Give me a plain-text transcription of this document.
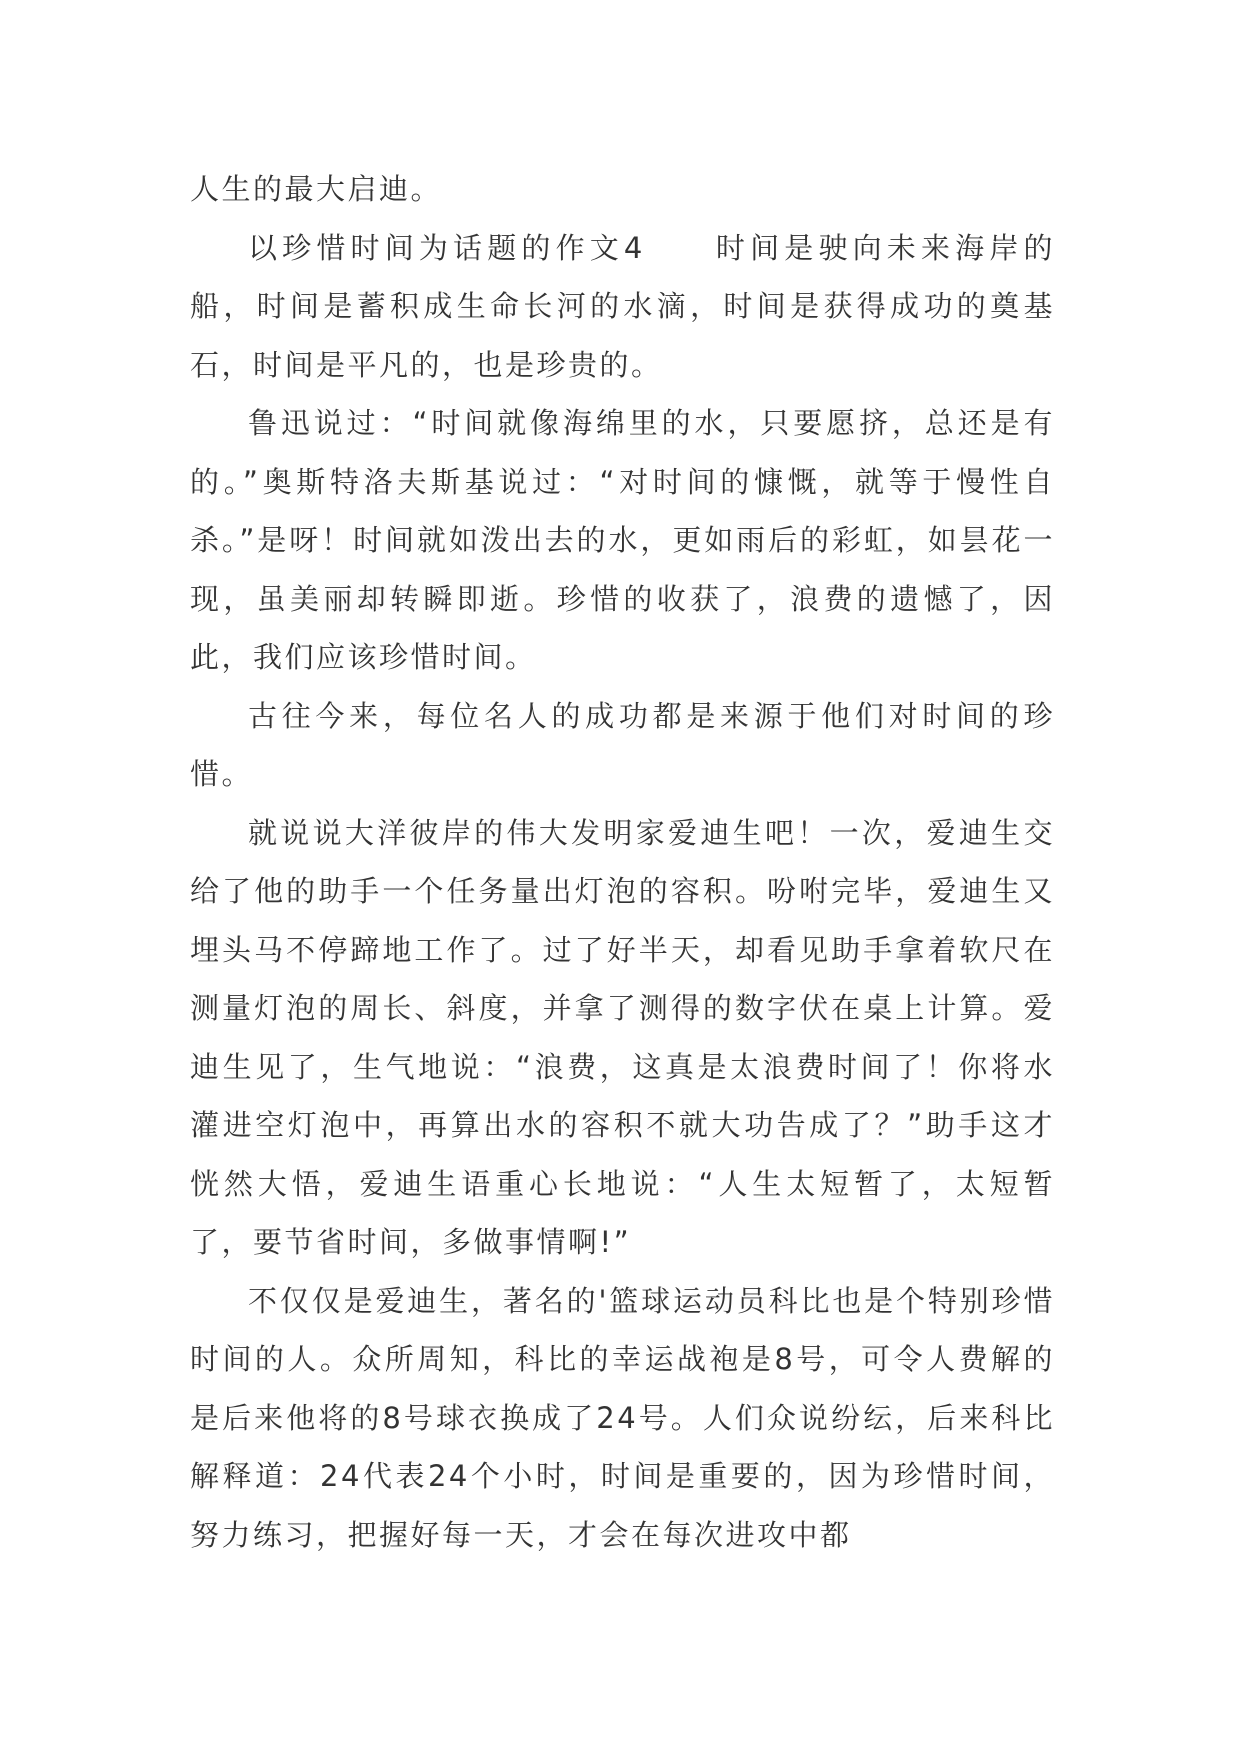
人生的最大启迪。

以珍惜时间为话题的作文4　　时间是驶向未来海岸的船，时间是蓄积成生命长河的水滴，时间是获得成功的奠基石，时间是平凡的，也是珍贵的。

鲁迅说过：“时间就像海绵里的水，只要愿挤，总还是有的。”奥斯特洛夫斯基说过：“对时间的慷慨，就等于慢性自杀。”是呀！时间就如泼出去的水，更如雨后的彩虹，如昙花一现，虽美丽却转瞬即逝。珍惜的收获了，浪费的遗憾了，因此，我们应该珍惜时间。

古往今来，每位名人的成功都是来源于他们对时间的珍惜。

就说说大洋彼岸的伟大发明家爱迪生吧！一次，爱迪生交给了他的助手一个任务量出灯泡的容积。吩咐完毕，爱迪生又埋头马不停蹄地工作了。过了好半天，却看见助手拿着软尺在测量灯泡的周长、斜度，并拿了测得的数字伏在桌上计算。爱迪生见了，生气地说：“浪费，这真是太浪费时间了！你将水灌进空灯泡中，再算出水的容积不就大功告成了？”助手这才恍然大悟，爱迪生语重心长地说：“人生太短暂了，太短暂了，要节省时间，多做事情啊!”

不仅仅是爱迪生，著名的'篮球运动员科比也是个特别珍惜时间的人。众所周知，科比的幸运战袍是8号，可令人费解的是后来他将的8号球衣换成了24号。人们众说纷纭，后来科比解释道：24代表24个小时，时间是重要的，因为珍惜时间，努力练习，把握好每一天，才会在每次进攻中都
